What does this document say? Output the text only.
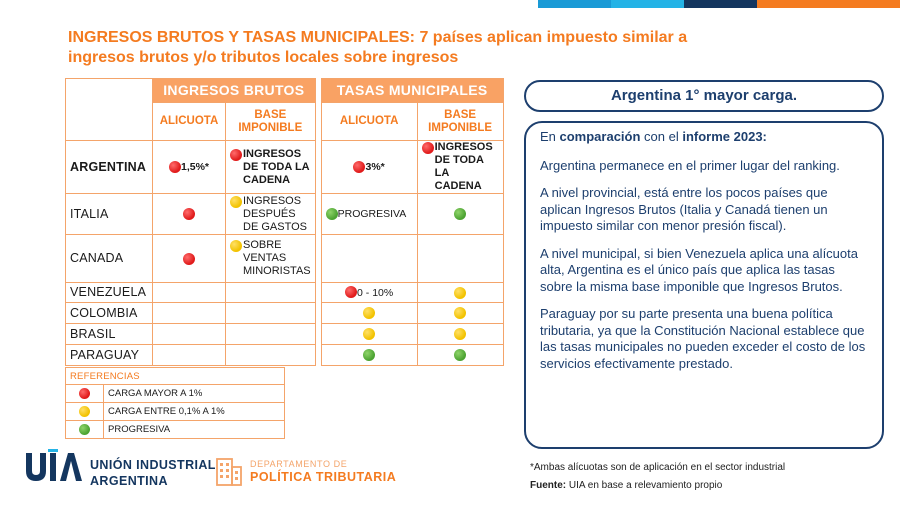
INGRESOS BRUTOS Y TASAS MUNICIPALES: 7 países aplican impuesto similar a ingresos brutos y/o tributos locales sobre ingresos
	INGRESOS BRUTOS			TASAS MUNICIPALES	
	ALICUOTA	BASE IMPONIBLE		ALICUOTA	BASE IMPONIBLE
ARGENTINA	1,5%*	INGRESOS DE TODA LA CADENA		3%*	INGRESOS DE TODA LA CADENA

ITALIA		INGRESOS DESPUÉS DE GASTOS		PROGRESIVA	
CANADA		SOBRE VENTAS MINORISTAS			

VENEZUELA				0 - 10%	
COLOMBIA					
BRASIL					
PARAGUAY					
REFERENCIAS	
	CARGA MAYOR A 1%
	CARGA ENTRE 0,1% A 1%
	PROGRESIVA
Argentina 1° mayor carga.
En comparación con el informe 2023:

Argentina permanece en el primer lugar del ranking.

A nivel provincial, está entre los pocos países que aplican Ingresos Brutos (Italia y Canadá tienen un impuesto similar con menor presión fiscal).

A nivel municipal, si bien Venezuela aplica una alícuota alta, Argentina es el único país que aplica las tasas sobre la misma base imponible que Ingresos Brutos.

Paraguay por su parte presenta una buena política tributaria, ya que la Constitución Nacional establece que las tasas municipales no pueden exceder el costo de los servicios efectivamente prestado.

UNIÓN INDUSTRIAL
ARGENTINA
DEPARTAMENTO DE
POLÍTICA TRIBUTARIA
*Ambas alícuotas son de aplicación en el sector industrial
Fuente: UIA en base a relevamiento propio
